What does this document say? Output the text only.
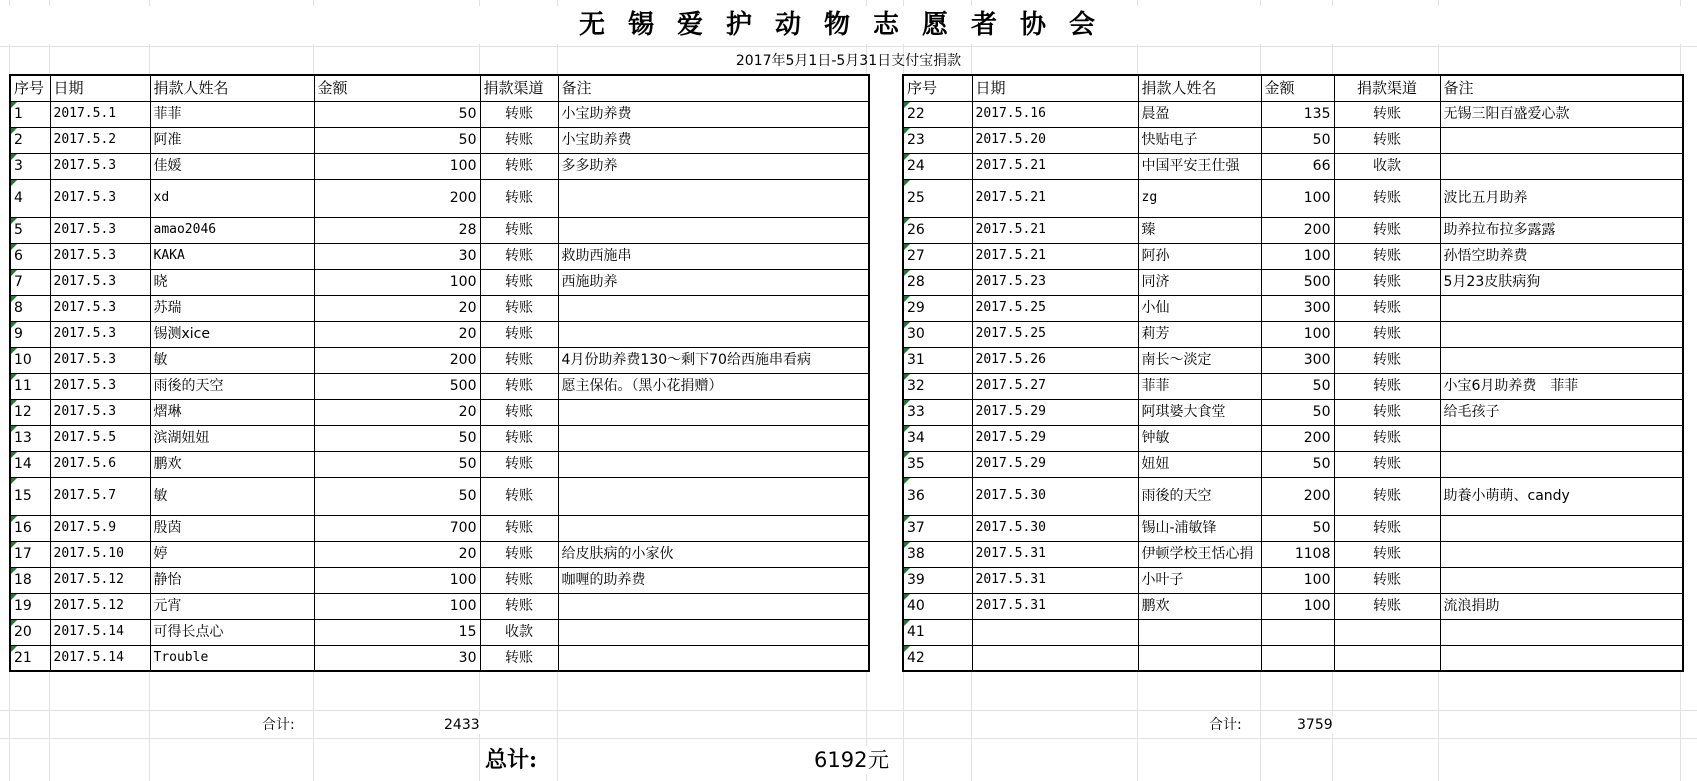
无锡爱护动物志愿者协会
2017年5月1日-5月31日支付宝捐款
序号	日期	捐款人姓名	金额	捐款渠道	备注
1	2017.5.1	菲菲	50	转账	小宝助养费
2	2017.5.2	阿准	50	转账	小宝助养费
3	2017.5.3	佳媛	100	转账	多多助养
4	2017.5.3	xd	200	转账	
5	2017.5.3	amao2046	28	转账	
6	2017.5.3	KAKA	30	转账	救助西施串
7	2017.5.3	晓	100	转账	西施助养
8	2017.5.3	苏瑞	20	转账	
9	2017.5.3	锡测xice	20	转账	
10	2017.5.3	敏	200	转账	4月份助养费130～剩下70给西施串看病
11	2017.5.3	雨後的天空	500	转账	愿主保佑。（黑小花捐赠）
12	2017.5.3	熠琳	20	转账	
13	2017.5.5	滨湖妞妞	50	转账	
14	2017.5.6	鹏欢	50	转账	
15	2017.5.7	敏	50	转账	
16	2017.5.9	殷茵	700	转账	
17	2017.5.10	婷	20	转账	给皮肤病的小家伙
18	2017.5.12	静怡	100	转账	咖喱的助养费
19	2017.5.12	元宵	100	转账	
20	2017.5.14	可得长点心	15	收款	
21	2017.5.14	Trouble	30	转账	
序号	日期	捐款人姓名	金额	捐款渠道	备注
22	2017.5.16	晨盈	135	转账	无锡三阳百盛爱心款
23	2017.5.20	快贴电子	50	转账	
24	2017.5.21	中国平安王仕强	66	收款	
25	2017.5.21	zg	100	转账	波比五月助养
26	2017.5.21	臻	200	转账	助养拉布拉多露露
27	2017.5.21	阿孙	100	转账	孙悟空助养费
28	2017.5.23	同济	500	转账	5月23皮肤病狗
29	2017.5.25	小仙	300	转账	
30	2017.5.25	莉芳	100	转账	
31	2017.5.26	南长～淡定	300	转账	
32	2017.5.27	菲菲	50	转账	小宝6月助养费　菲菲
33	2017.5.29	阿琪婆大食堂	50	转账	给毛孩子
34	2017.5.29	钟敏	200	转账	
35	2017.5.29	妞妞	50	转账	
36	2017.5.30	雨後的天空	200	转账	助養小萌萌、candy
37	2017.5.30	锡山-浦敏锋	50	转账	
38	2017.5.31	伊顿学校王恬心捐	1108	转账	
39	2017.5.31	小叶子	100	转账	
40	2017.5.31	鹏欢	100	转账	流浪捐助
41					
42					
合计:	2433	合计:	3759
总计:	6192 元
